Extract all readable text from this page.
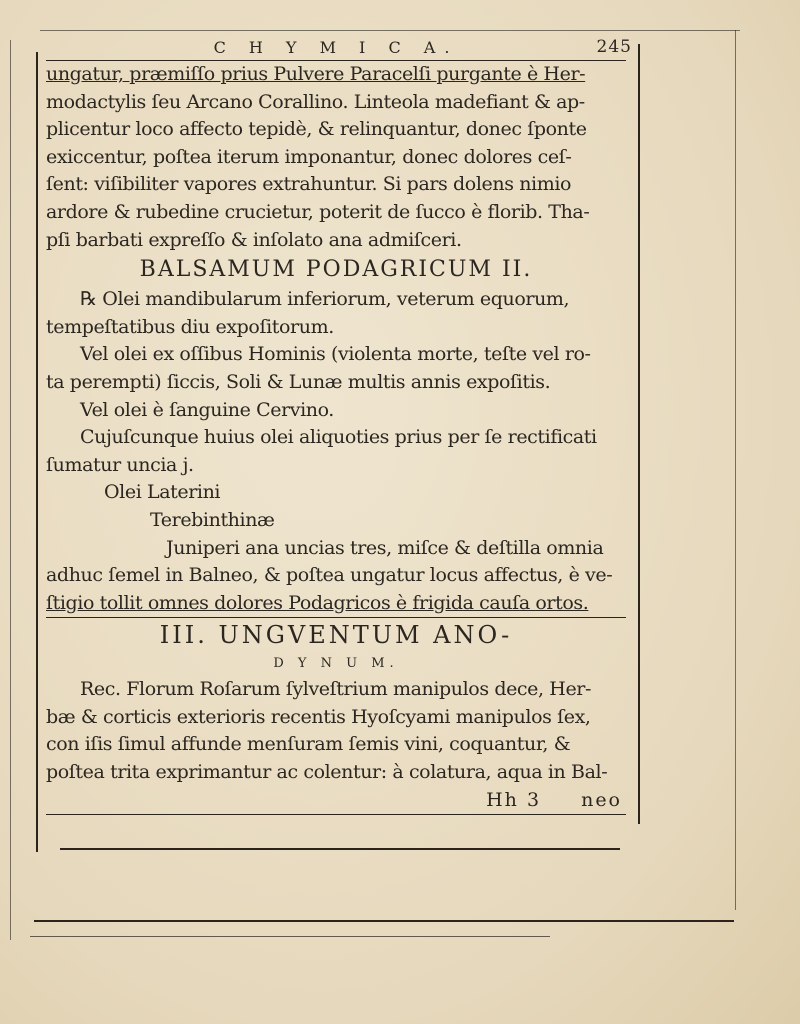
C H Y M I C A.	245
ungatur, præmiſſo prius Pulvere Paracelſi purgante è Her-
modactylis ſeu Arcano Corallino. Linteola madefiant & ap-
plicentur loco affecto tepidè, & relinquantur, donec ſponte
exiccentur, poſtea iterum imponantur, donec dolores ceſ-
ſent: viſibiliter vapores extrahuntur. Si pars dolens nimio
ardore & rubedine crucietur, poterit de ſucco è florib. Tha-
pſi barbati expreſſo & inſolato ana admiſceri.
BALSAMUM PODAGRICUM II.
℞ Olei mandibularum inferiorum, veterum equorum,
tempeſtatibus diu expoſitorum.
Vel olei ex oſſibus Hominis (violenta morte, teſte vel ro-
ta perempti) ſiccis, Soli & Lunæ multis annis expoſitis.
Vel olei è ſanguine Cervino.
Cujuſcunque huius olei aliquoties prius per ſe rectificati
ſumatur uncia j.
Olei Laterini
Terebinthinæ
Juniperi ana uncias tres, miſce & deſtilla omnia
adhuc ſemel in Balneo, & poſtea ungatur locus affectus, è ve-
ſtigio tollit omnes dolores Podagricos è frigida cauſa ortos.
III. UNGVENTUM ANO-
D Y N U M.
Rec. Florum Roſarum ſylveſtrium manipulos dece, Her-
bæ & corticis exterioris recentis Hyoſcyami manipulos ſex,
con iſis ſimul affunde menſuram ſemis vini, coquantur, &
poſtea trita exprimantur ac colentur: à colatura, aqua in Bal-
Hh 3 neo
